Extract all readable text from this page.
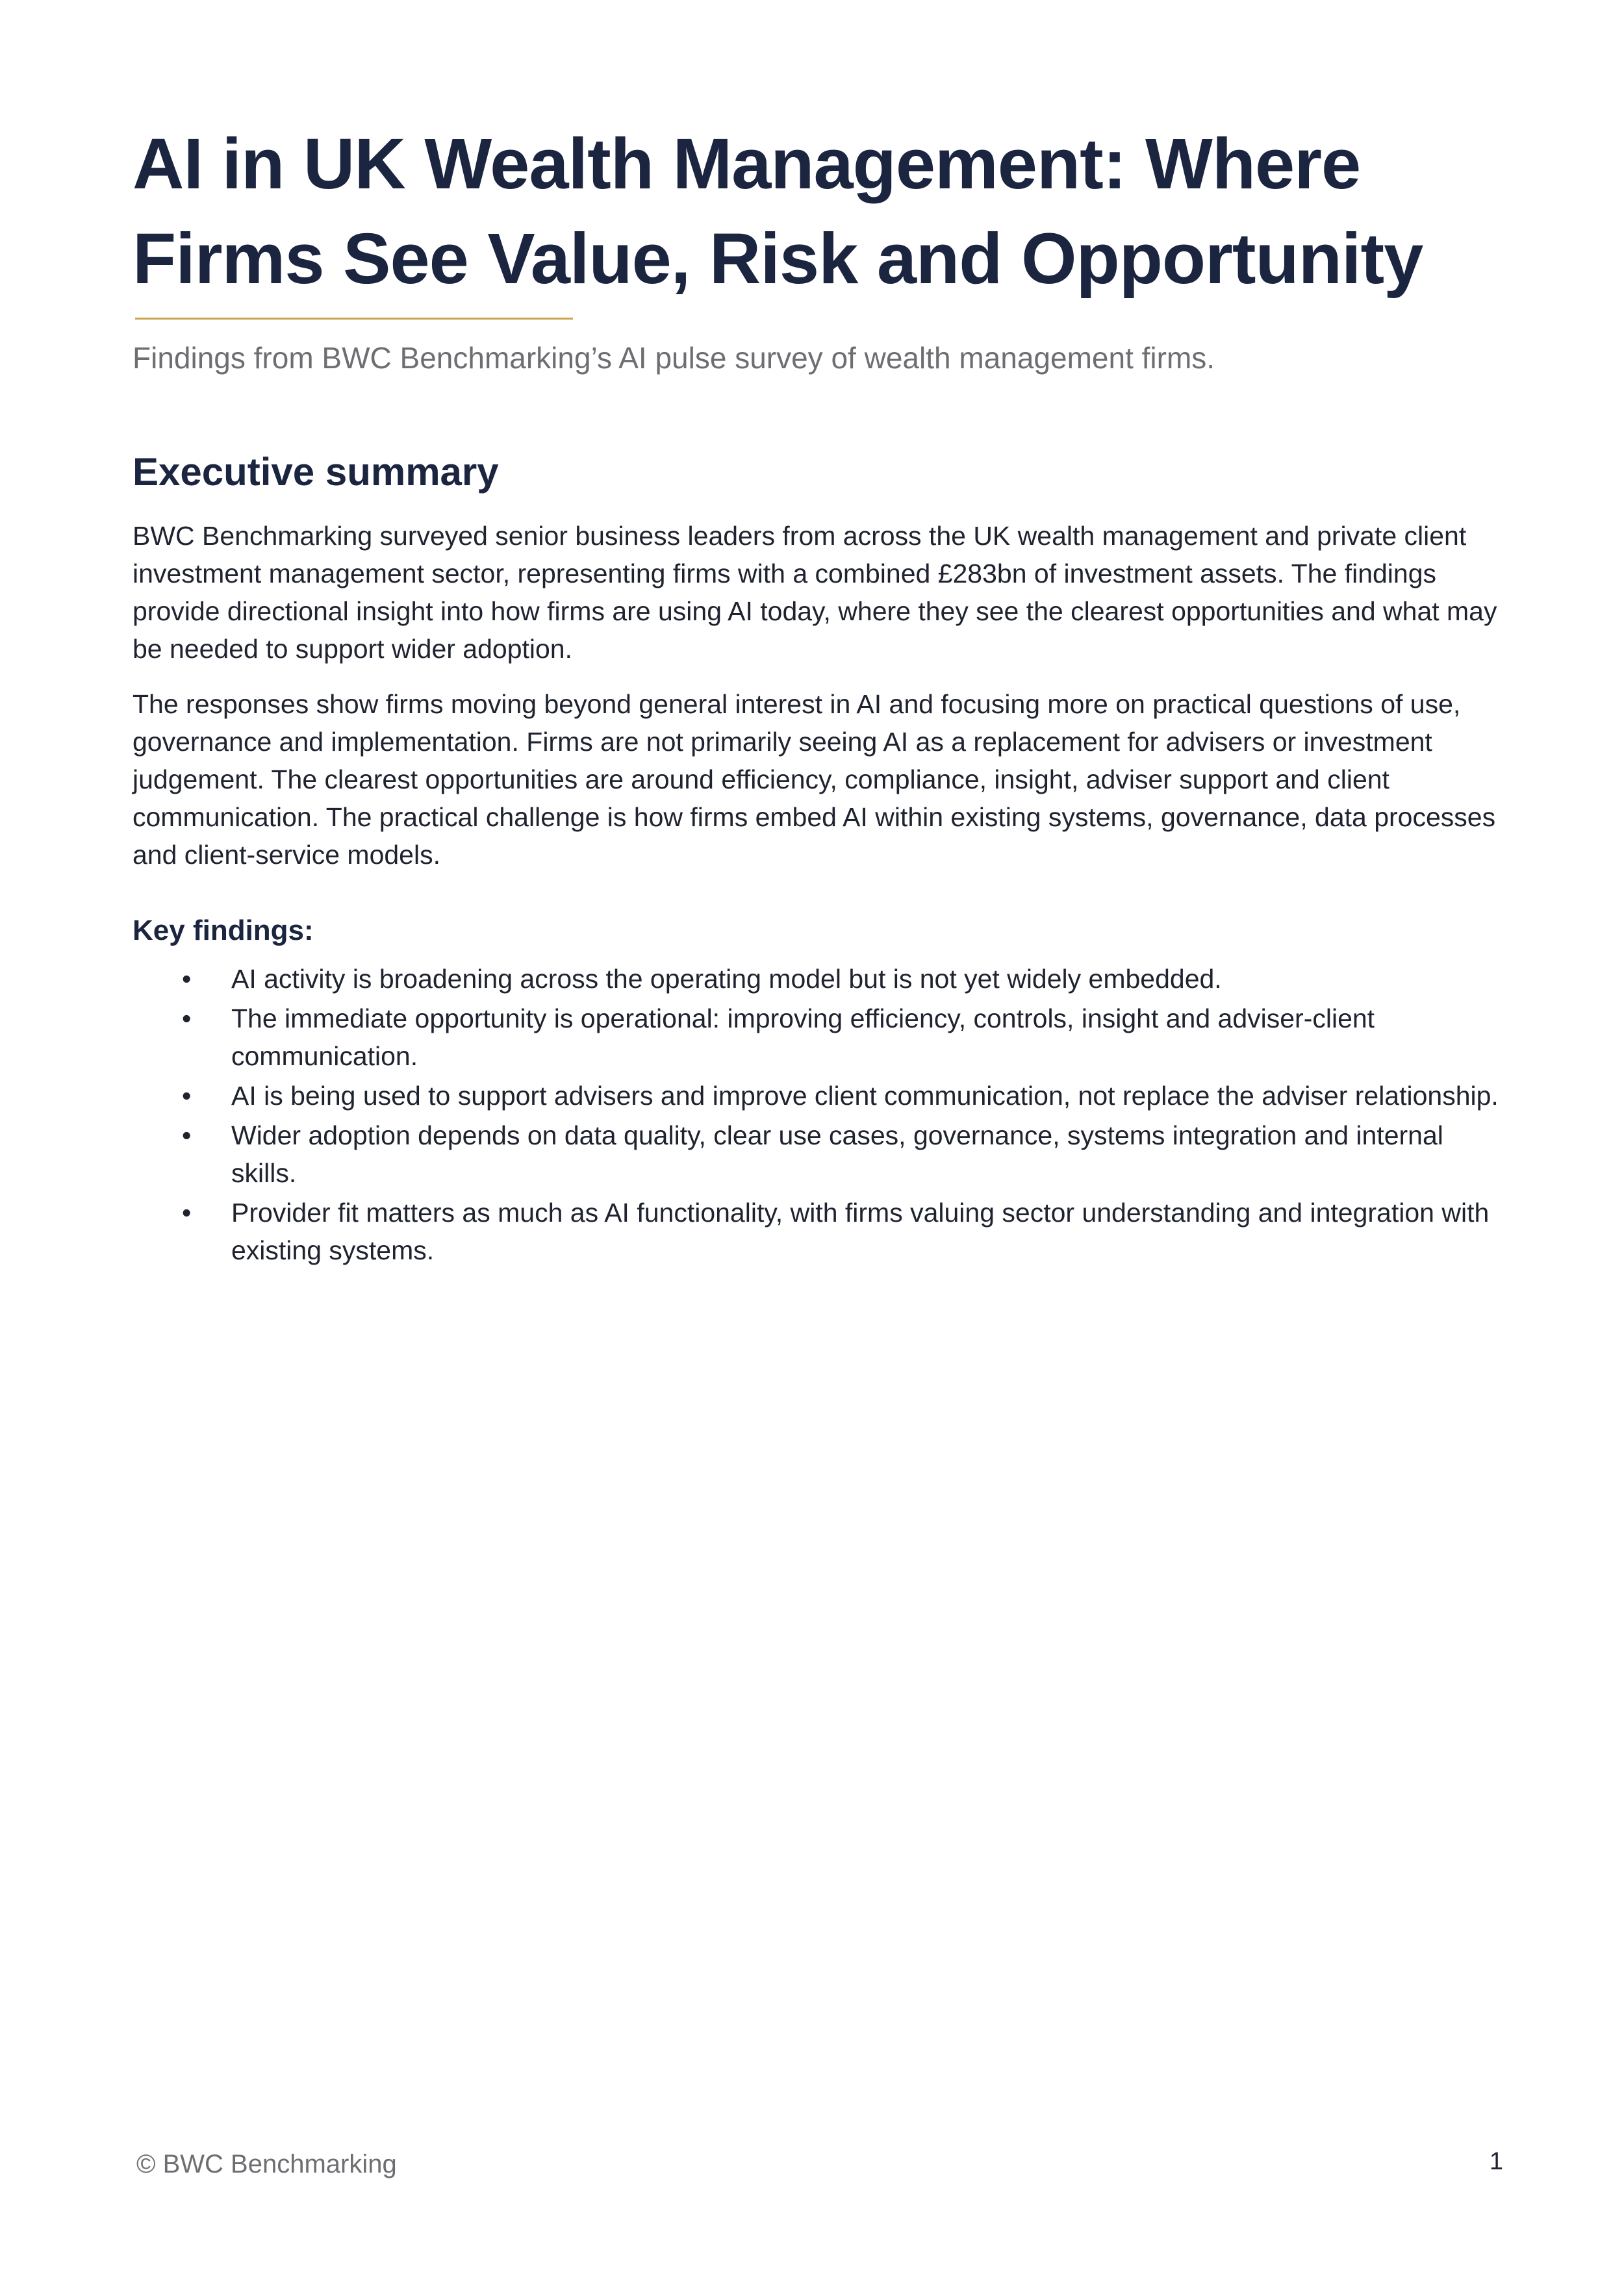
AI in UK Wealth Management: Where Firms See Value, Risk and Opportunity

Findings from BWC Benchmarking’s AI pulse survey of wealth management firms.

Executive summary

BWC Benchmarking surveyed senior business leaders from across the UK wealth management and private client investment management sector, representing firms with a combined £283bn of investment assets. The findings provide directional insight into how firms are using AI today, where they see the clearest opportunities and what may be needed to support wider adoption.

The responses show firms moving beyond general interest in AI and focusing more on practical questions of use, governance and implementation. Firms are not primarily seeing AI as a replacement for advisers or investment judgement. The clearest opportunities are around efficiency, compliance, insight, adviser support and client communication. The practical challenge is how firms embed AI within existing systems, governance, data processes and client-service models.

Key findings:
•	AI activity is broadening across the operating model but is not yet widely embedded.
•	The immediate opportunity is operational: improving efficiency, controls, insight and adviser-client communication.
•	AI is being used to support advisers and improve client communication, not replace the adviser relationship.
•	Wider adoption depends on data quality, clear use cases, governance, systems integration and internal skills.
•	Provider fit matters as much as AI functionality, with firms valuing sector understanding and integration with existing systems.

© BWC Benchmarking	1
